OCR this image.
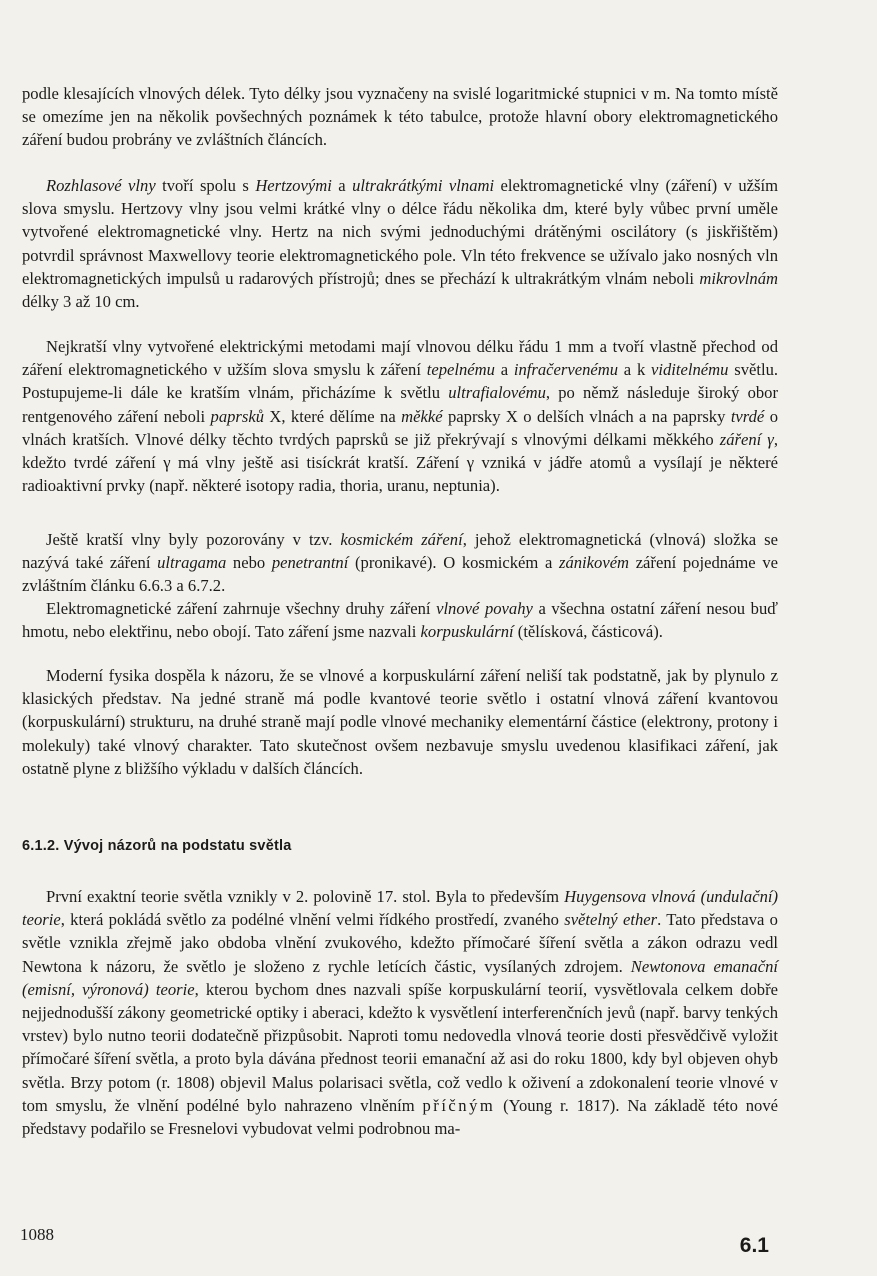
podle klesajících vlnových délek. Tyto délky jsou vyznačeny na svislé logaritmické stupnici v m. Na tomto místě se omezíme jen na několik povšechných poznámek k této tabulce, protože hlavní obory elektromagnetického záření budou probrány ve zvláštních článcích.

Rozhlasové vlny tvoří spolu s Hertzovými a ultrakrátkými vlnami elektromagnetické vlny (záření) v užším slova smyslu. Hertzovy vlny jsou velmi krátké vlny o délce řádu několika dm, které byly vůbec první uměle vytvořené elektromagnetické vlny. Hertz na nich svými jednoduchými drátěnými oscilátory (s jiskřištěm) potvrdil správnost Maxwellovy teorie elektromagnetického pole. Vln této frekvence se užívalo jako nosných vln elektromagnetických impulsů u radarových přístrojů; dnes se přechází k ultrakrátkým vlnám neboli mikrovlnám délky 3 až 10 cm.

Nejkratší vlny vytvořené elektrickými metodami mají vlnovou délku řádu 1 mm a tvoří vlastně přechod od záření elektromagnetického v užším slova smyslu k záření tepelnému a infračervenému a k viditelnému světlu. Postupujeme-li dále ke kratším vlnám, přicházíme k světlu ultrafialovému, po němž následuje široký obor rentgenového záření neboli paprsků X, které dělíme na měkké paprsky X o delších vlnách a na paprsky tvrdé o vlnách kratších. Vlnové délky těchto tvrdých paprsků se již překrývají s vlnovými délkami měkkého záření γ, kdežto tvrdé záření γ má vlny ještě asi tisíckrát kratší. Záření γ vzniká v jádře atomů a vysílají je některé radioaktivní prvky (např. některé isotopy radia, thoria, uranu, neptunia).

Ještě kratší vlny byly pozorovány v tzv. kosmickém záření, jehož elektromagnetická (vlnová) složka se nazývá také záření ultragama nebo penetrantní (pronikavé). O kosmickém a zánikovém záření pojednáme ve zvláštním článku 6.6.3 a 6.7.2.

Elektromagnetické záření zahrnuje všechny druhy záření vlnové povahy a všechna ostatní záření nesou buď hmotu, nebo elektřinu, nebo obojí. Tato záření jsme nazvali korpuskulární (tělísková, částicová).

Moderní fysika dospěla k názoru, že se vlnové a korpuskulární záření neliší tak podstatně, jak by plynulo z klasických představ. Na jedné straně má podle kvantové teorie světlo i ostatní vlnová záření kvantovou (korpuskulární) strukturu, na druhé straně mají podle vlnové mechaniky elementární částice (elektrony, protony i molekuly) také vlnový charakter. Tato skutečnost ovšem nezbavuje smyslu uvedenou klasifikaci záření, jak ostatně plyne z bližšího výkladu v dalších článcích.

6.1.2. Vývoj názorů na podstatu světla

První exaktní teorie světla vznikly v 2. polovině 17. stol. Byla to především Huygensova vlnová (undulační) teorie, která pokládá světlo za podélné vlnění velmi řídkého prostředí, zvaného světelný ether. Tato představa o světle vznikla zřejmě jako obdoba vlnění zvukového, kdežto přímočaré šíření světla a zákon odrazu vedl Newtona k názoru, že světlo je složeno z rychle letících částic, vysílaných zdrojem. Newtonova emanační (emisní, výronová) teorie, kterou bychom dnes nazvali spíše korpuskulární teorií, vysvětlovala celkem dobře nejjednodušší zákony geometrické optiky i aberaci, kdežto k vysvětlení interferenčních jevů (např. barvy tenkých vrstev) bylo nutno teorii dodatečně přizpůsobit. Naproti tomu nedovedla vlnová teorie dosti přesvědčivě vyložit přímočaré šíření světla, a proto byla dávána přednost teorii emanační až asi do roku 1800, kdy byl objeven ohyb světla. Brzy potom (r. 1808) objevil Malus polarisaci světla, což vedlo k oživení a zdokonalení teorie vlnové v tom smyslu, že vlnění podélné bylo nahrazeno vlněním příčným (Young r. 1817). Na základě této nové představy podařilo se Fresnelovi vybudovat velmi podrobnou ma-

1088	6.1
